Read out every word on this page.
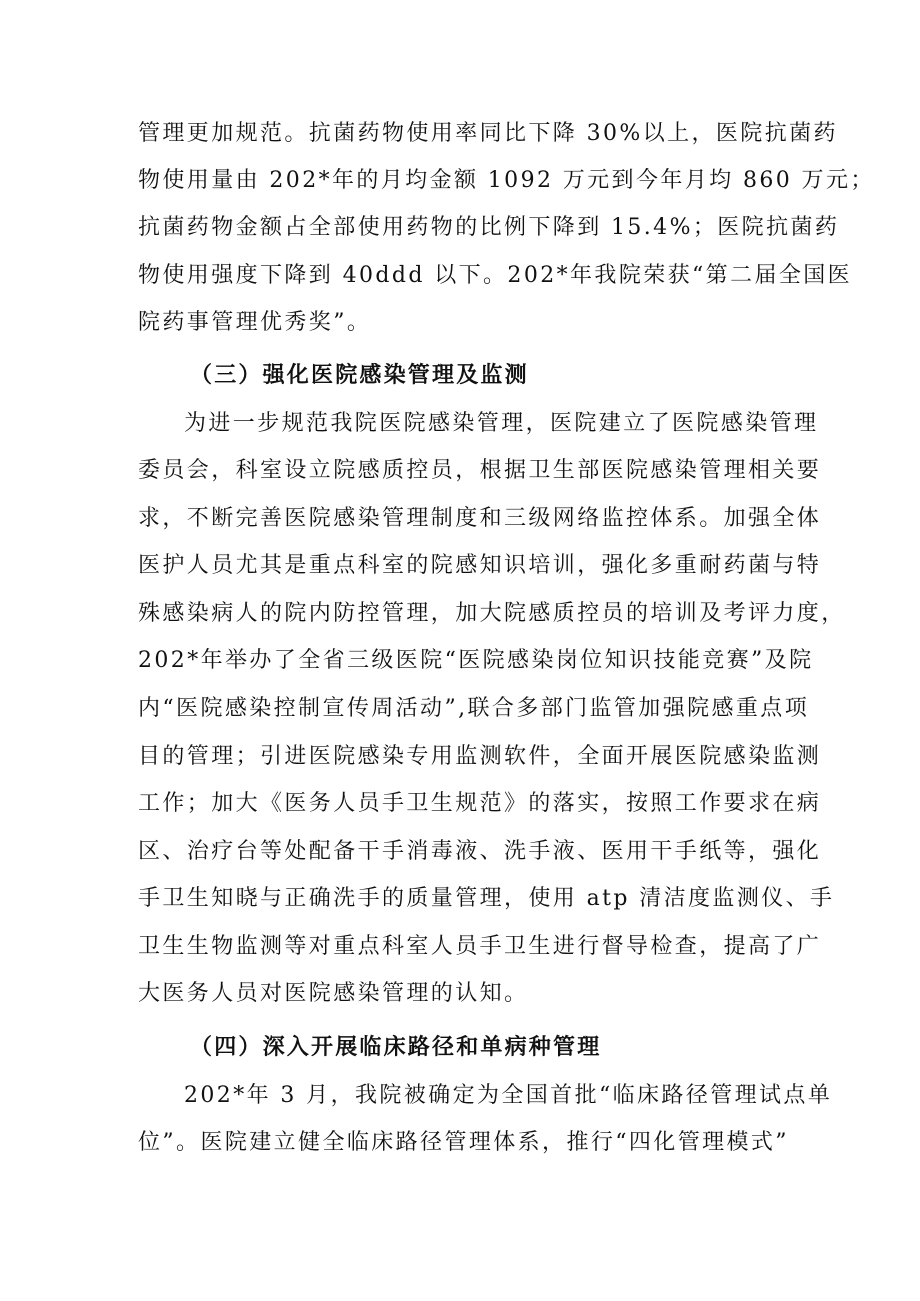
管理更加规范。抗菌药物使用率同比下降 30%以上，医院抗菌药
物使用量由 202*年的月均金额 1092 万元到今年月均 860 万元；
抗菌药物金额占全部使用药物的比例下降到 15.4%；医院抗菌药
物使用强度下降到 40ddd 以下。202*年我院荣获“第二届全国医
院药事管理优秀奖”。
（三）强化医院感染管理及监测
为进一步规范我院医院感染管理，医院建立了医院感染管理
委员会，科室设立院感质控员，根据卫生部医院感染管理相关要
求，不断完善医院感染管理制度和三级网络监控体系。加强全体
医护人员尤其是重点科室的院感知识培训，强化多重耐药菌与特
殊感染病人的院内防控管理，加大院感质控员的培训及考评力度，
202*年举办了全省三级医院“医院感染岗位知识技能竞赛”及院
内“医院感染控制宣传周活动”,联合多部门监管加强院感重点项
目的管理；引进医院感染专用监测软件，全面开展医院感染监测
工作；加大《医务人员手卫生规范》的落实，按照工作要求在病
区、治疗台等处配备干手消毒液、洗手液、医用干手纸等，强化
手卫生知晓与正确洗手的质量管理，使用 atp 清洁度监测仪、手
卫生生物监测等对重点科室人员手卫生进行督导检查，提高了广
大医务人员对医院感染管理的认知。
（四）深入开展临床路径和单病种管理
202*年 3 月，我院被确定为全国首批“临床路径管理试点单
位”。医院建立健全临床路径管理体系，推行“四化管理模式”
